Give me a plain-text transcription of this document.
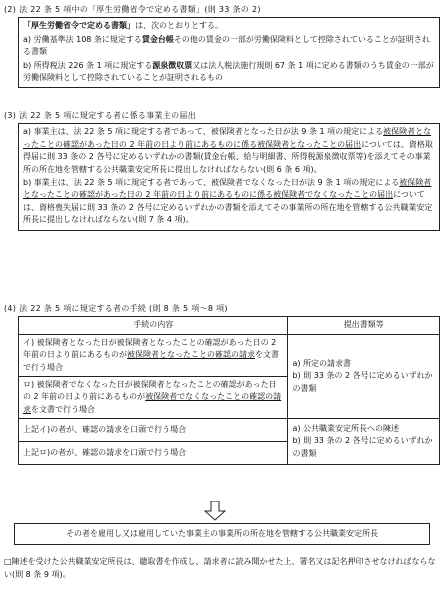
(2) 法 22 条 5 項中の「厚生労働省令で定める書類」(則 33 条の 2)
「厚生労働省令で定める書類」は、次のとおりとする。
a) 労働基準法 108 条に規定する賃金台帳その他の賃金の一部が労働保険料として控除されていることが証明される書類
b) 所得税法 226 条 1 項に規定する源泉徴収票又は法人税法施行規則 67 条 1 項に定める書類のうち賃金の一部が労働保険料として控除されていることが証明されるもの
(3) 法 22 条 5 項に規定する者に係る事業主の届出
a) 事業主は、法 22 条 5 項に規定する者であって、被保険者となった日が法 9 条 1 項の規定による被保険者となったことの確認があった日の 2 年前の日より前にあるものに係る被保険者となったことの届出については、資格取得届に則 33 条の 2 各号に定めるいずれかの書類(賃金台帳、給与明細書、所得税源泉徴収票等)を添えてその事業所の所在地を管轄する公共職業安定所長に提出しなければならない(則 6 条 6 項)。
b) 事業主は、法 22 条 5 項に規定する者であって、被保険者でなくなった日が法 9 条 1 項の規定による被保険者となったことの確認があった日の 2 年前の日より前にあるものに係る被保険者でなくなったことの届出については、資格喪失届に則 33 条の 2 各号に定めるいずれかの書類を添えてその事業所の所在地を管轄する公共職業安定所長に提出しなければならない(則 7 条 4 項)。
(4) 法 22 条 5 項に規定する者の手続 (則 8 条 5 項〜8 項)
手続の内容	提出書類等
イ) 被保険者となった日が被保険者となったことの確認があった日の 2 年前の日より前にあるものが被保険者となったことの確認の請求を文書で行う場合	a) 所定の請求書
b) 則 33 条の 2 各号に定めるいずれかの書類

ロ) 被保険者でなくなった日が被保険者となったことの確認があった日の 2 年前の日より前にあるものが被保険者でなくなったことの確認の請求を文書で行う場合	
上記イ)の者が、確認の請求を口頭で行う場合	a) 公共職業安定所長への陳述
b) 則 33 条の 2 各号に定めるいずれかの書類

上記ロ)の者が、確認の請求を口頭で行う場合	
その者を雇用し又は雇用していた事業主の事業所の所在地を管轄する公共職業安定所長
□陳述を受けた公共職業安定所長は、聴取書を作成し、請求者に読み聞かせた上、署名又は記名押印させなければならない(則 8 条 9 項)。
